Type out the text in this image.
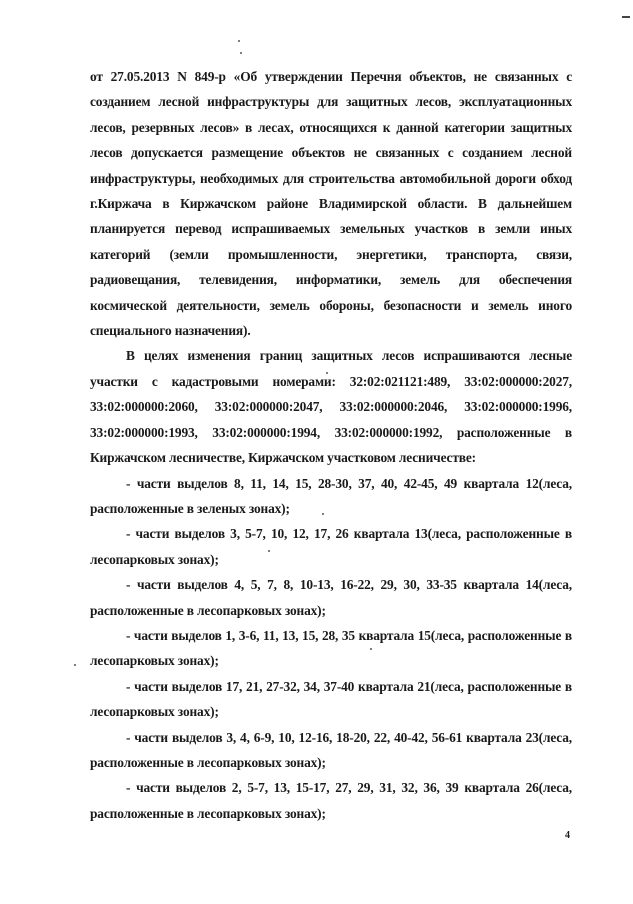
от 27.05.2013 N 849-р «Об утверждении Перечня объектов, не связанных с созданием лесной инфраструктуры для защитных лесов, эксплуатационных лесов, резервных лесов» в лесах, относящихся к данной категории защитных лесов допускается размещение объектов не связанных с созданием лесной инфраструктуры, необходимых для строительства автомобильной дороги обход г.Киржача в Киржачском районе Владимирской области. В дальнейшем планируется перевод испрашиваемых земельных участков в земли иных категорий (земли промышленности, энергетики, транспорта, связи, радиовещания, телевидения, информатики, земель для обеспечения космической деятельности, земель обороны, безопасности и земель иного специального назначения).

В целях изменения границ защитных лесов испрашиваются лесные участки с кадастровыми номерами: 32:02:021121:489, 33:02:000000:2027, 33:02:000000:2060, 33:02:000000:2047, 33:02:000000:2046, 33:02:000000:1996, 33:02:000000:1993, 33:02:000000:1994, 33:02:000000:1992, расположенные в Киржачском лесничестве, Киржачском участковом лесничестве:

- части выделов 8, 11, 14, 15, 28-30, 37, 40, 42-45, 49 квартала 12(леса, расположенные в зеленых зонах);

- части выделов 3, 5-7, 10, 12, 17, 26 квартала 13(леса, расположенные в лесопарковых зонах);

- части выделов 4, 5, 7, 8, 10-13, 16-22, 29, 30, 33-35 квартала 14(леса, расположенные в лесопарковых зонах);

- части выделов 1, 3-6, 11, 13, 15, 28, 35 квартала 15(леса, расположенные в лесопарковых зонах);

- части выделов 17, 21, 27-32, 34, 37-40 квартала 21(леса, расположенные в лесопарковых зонах);

- части выделов 3, 4, 6-9, 10, 12-16, 18-20, 22, 40-42, 56-61 квартала 23(леса, расположенные в лесопарковых зонах);

- части выделов 2, 5-7, 13, 15-17, 27, 29, 31, 32, 36, 39 квартала 26(леса, расположенные в лесопарковых зонах);

4
